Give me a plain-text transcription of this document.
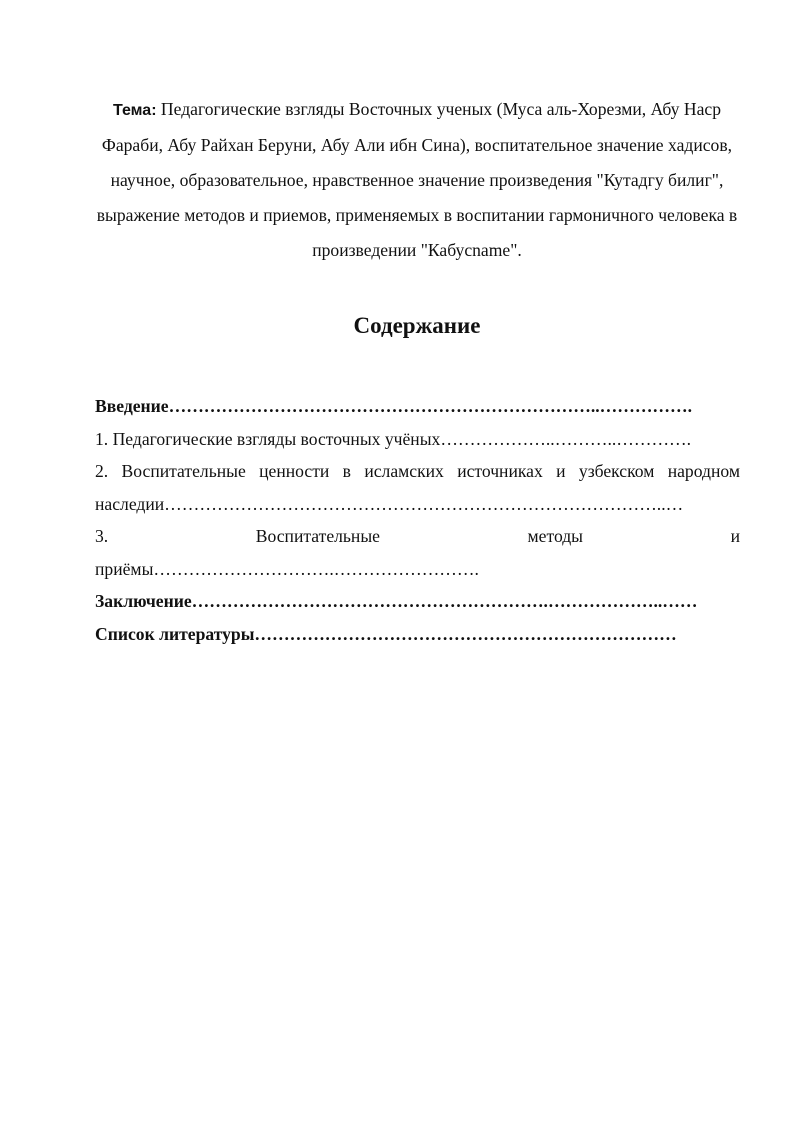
Тема: Педагогические взгляды Восточных ученых (Муса аль-Хорезми, Абу Наср Фараби, Абу Райхан Беруни, Абу Али ибн Сина), воспитательное значение хадисов, научное, образовательное, нравственное значение произведения "Кутадгу билиг", выражение методов и приемов, применяемых в воспитании гармоничного человека в произведении "Кабусname".
Содержание
Введение………………………………………………………………..…………….
1. Педагогические взгляды восточных учёных………………..………..………….
2. Воспитательные ценности в исламских источниках и узбекском народном
наследии…………………………………………………………………………..…
3.	Воспитательные	методы	и
приёмы………………………….…………………….
Заключение…………………………………………………….………………..……
Список литературы………………………………………………………………
